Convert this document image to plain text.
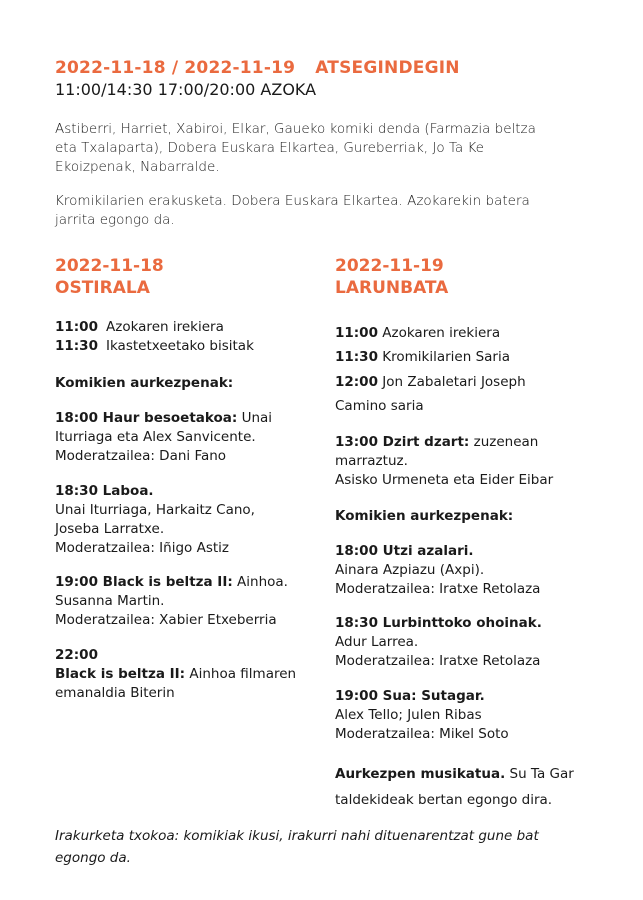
2022-11-18 / 2022-11-19 ATSEGINDEGIN
11:00/14:30 17:00/20:00 AZOKA
Astiberri, Harriet, Xabiroi, Elkar, Gaueko komiki denda (Farmazia beltza
eta Txalaparta), Dobera Euskara Elkartea, Gureberriak, Jo Ta Ke
Ekoizpenak, Nabarralde.
Kromikilarien erakusketa. Dobera Euskara Elkartea. Azokarekin batera
jarrita egongo da.
2022-11-18
OSTIRALA
11:00 Azokaren irekiera
11:30 Ikastetxeetako bisitak
Komikien aurkezpenak:
18:00 Haur besoetakoa: Unai
Iturriaga eta Alex Sanvicente.
Moderatzailea: Dani Fano
18:30 Laboa.
Unai Iturriaga, Harkaitz Cano,
Joseba Larratxe.
Moderatzailea: Iñigo Astiz
19:00 Black is beltza II: Ainhoa.
Susanna Martin.
Moderatzailea: Xabier Etxeberria
22:00
Black is beltza II: Ainhoa filmaren
emanaldia Biterin
2022-11-19
LARUNBATA
11:00 Azokaren irekiera
11:30 Kromikilarien Saria
12:00 Jon Zabaletari Joseph
Camino saria
13:00 Dzirt dzart: zuzenean
marraztuz.
Asisko Urmeneta eta Eider Eibar
Komikien aurkezpenak:
18:00 Utzi azalari.
Ainara Azpiazu (Axpi).
Moderatzailea: Iratxe Retolaza
18:30 Lurbinttoko ohoinak.
Adur Larrea.
Moderatzailea: Iratxe Retolaza
19:00 Sua: Sutagar.
Alex Tello; Julen Ribas
Moderatzailea: Mikel Soto
Aurkezpen musikatua. Su Ta Gar
taldekideak bertan egongo dira.
Irakurketa txokoa: komikiak ikusi, irakurri nahi dituenarentzat gune bat
egongo da.
